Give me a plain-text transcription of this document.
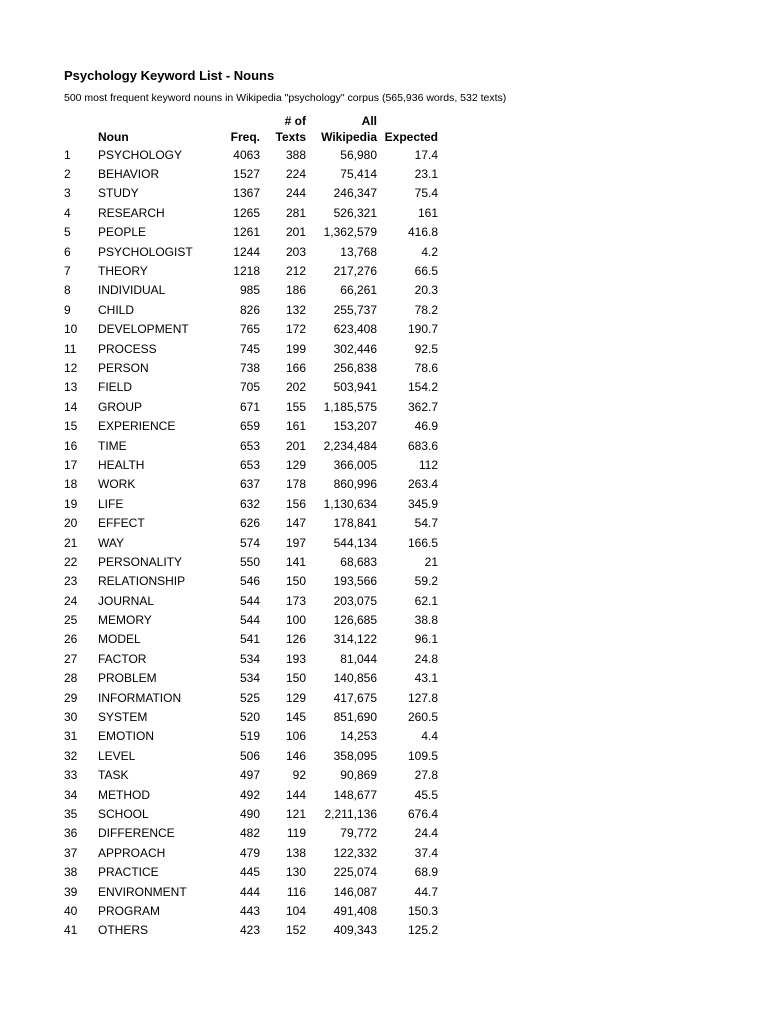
Psychology Keyword List - Nouns
500 most frequent keyword nouns in Wikipedia "psychology" corpus (565,936 words, 532 texts)
			# of	All	
	Noun	Freq.	Texts	Wikipedia	Expected
1	PSYCHOLOGY	4063	388	56,980	17.4
2	BEHAVIOR	1527	224	75,414	23.1
3	STUDY	1367	244	246,347	75.4
4	RESEARCH	1265	281	526,321	161
5	PEOPLE	1261	201	1,362,579	416.8
6	PSYCHOLOGIST	1244	203	13,768	4.2
7	THEORY	1218	212	217,276	66.5
8	INDIVIDUAL	985	186	66,261	20.3
9	CHILD	826	132	255,737	78.2
10	DEVELOPMENT	765	172	623,408	190.7
11	PROCESS	745	199	302,446	92.5
12	PERSON	738	166	256,838	78.6
13	FIELD	705	202	503,941	154.2
14	GROUP	671	155	1,185,575	362.7
15	EXPERIENCE	659	161	153,207	46.9
16	TIME	653	201	2,234,484	683.6
17	HEALTH	653	129	366,005	112
18	WORK	637	178	860,996	263.4
19	LIFE	632	156	1,130,634	345.9
20	EFFECT	626	147	178,841	54.7
21	WAY	574	197	544,134	166.5
22	PERSONALITY	550	141	68,683	21
23	RELATIONSHIP	546	150	193,566	59.2
24	JOURNAL	544	173	203,075	62.1
25	MEMORY	544	100	126,685	38.8
26	MODEL	541	126	314,122	96.1
27	FACTOR	534	193	81,044	24.8
28	PROBLEM	534	150	140,856	43.1
29	INFORMATION	525	129	417,675	127.8
30	SYSTEM	520	145	851,690	260.5
31	EMOTION	519	106	14,253	4.4
32	LEVEL	506	146	358,095	109.5
33	TASK	497	92	90,869	27.8
34	METHOD	492	144	148,677	45.5
35	SCHOOL	490	121	2,211,136	676.4
36	DIFFERENCE	482	119	79,772	24.4
37	APPROACH	479	138	122,332	37.4
38	PRACTICE	445	130	225,074	68.9
39	ENVIRONMENT	444	116	146,087	44.7
40	PROGRAM	443	104	491,408	150.3
41	OTHERS	423	152	409,343	125.2
